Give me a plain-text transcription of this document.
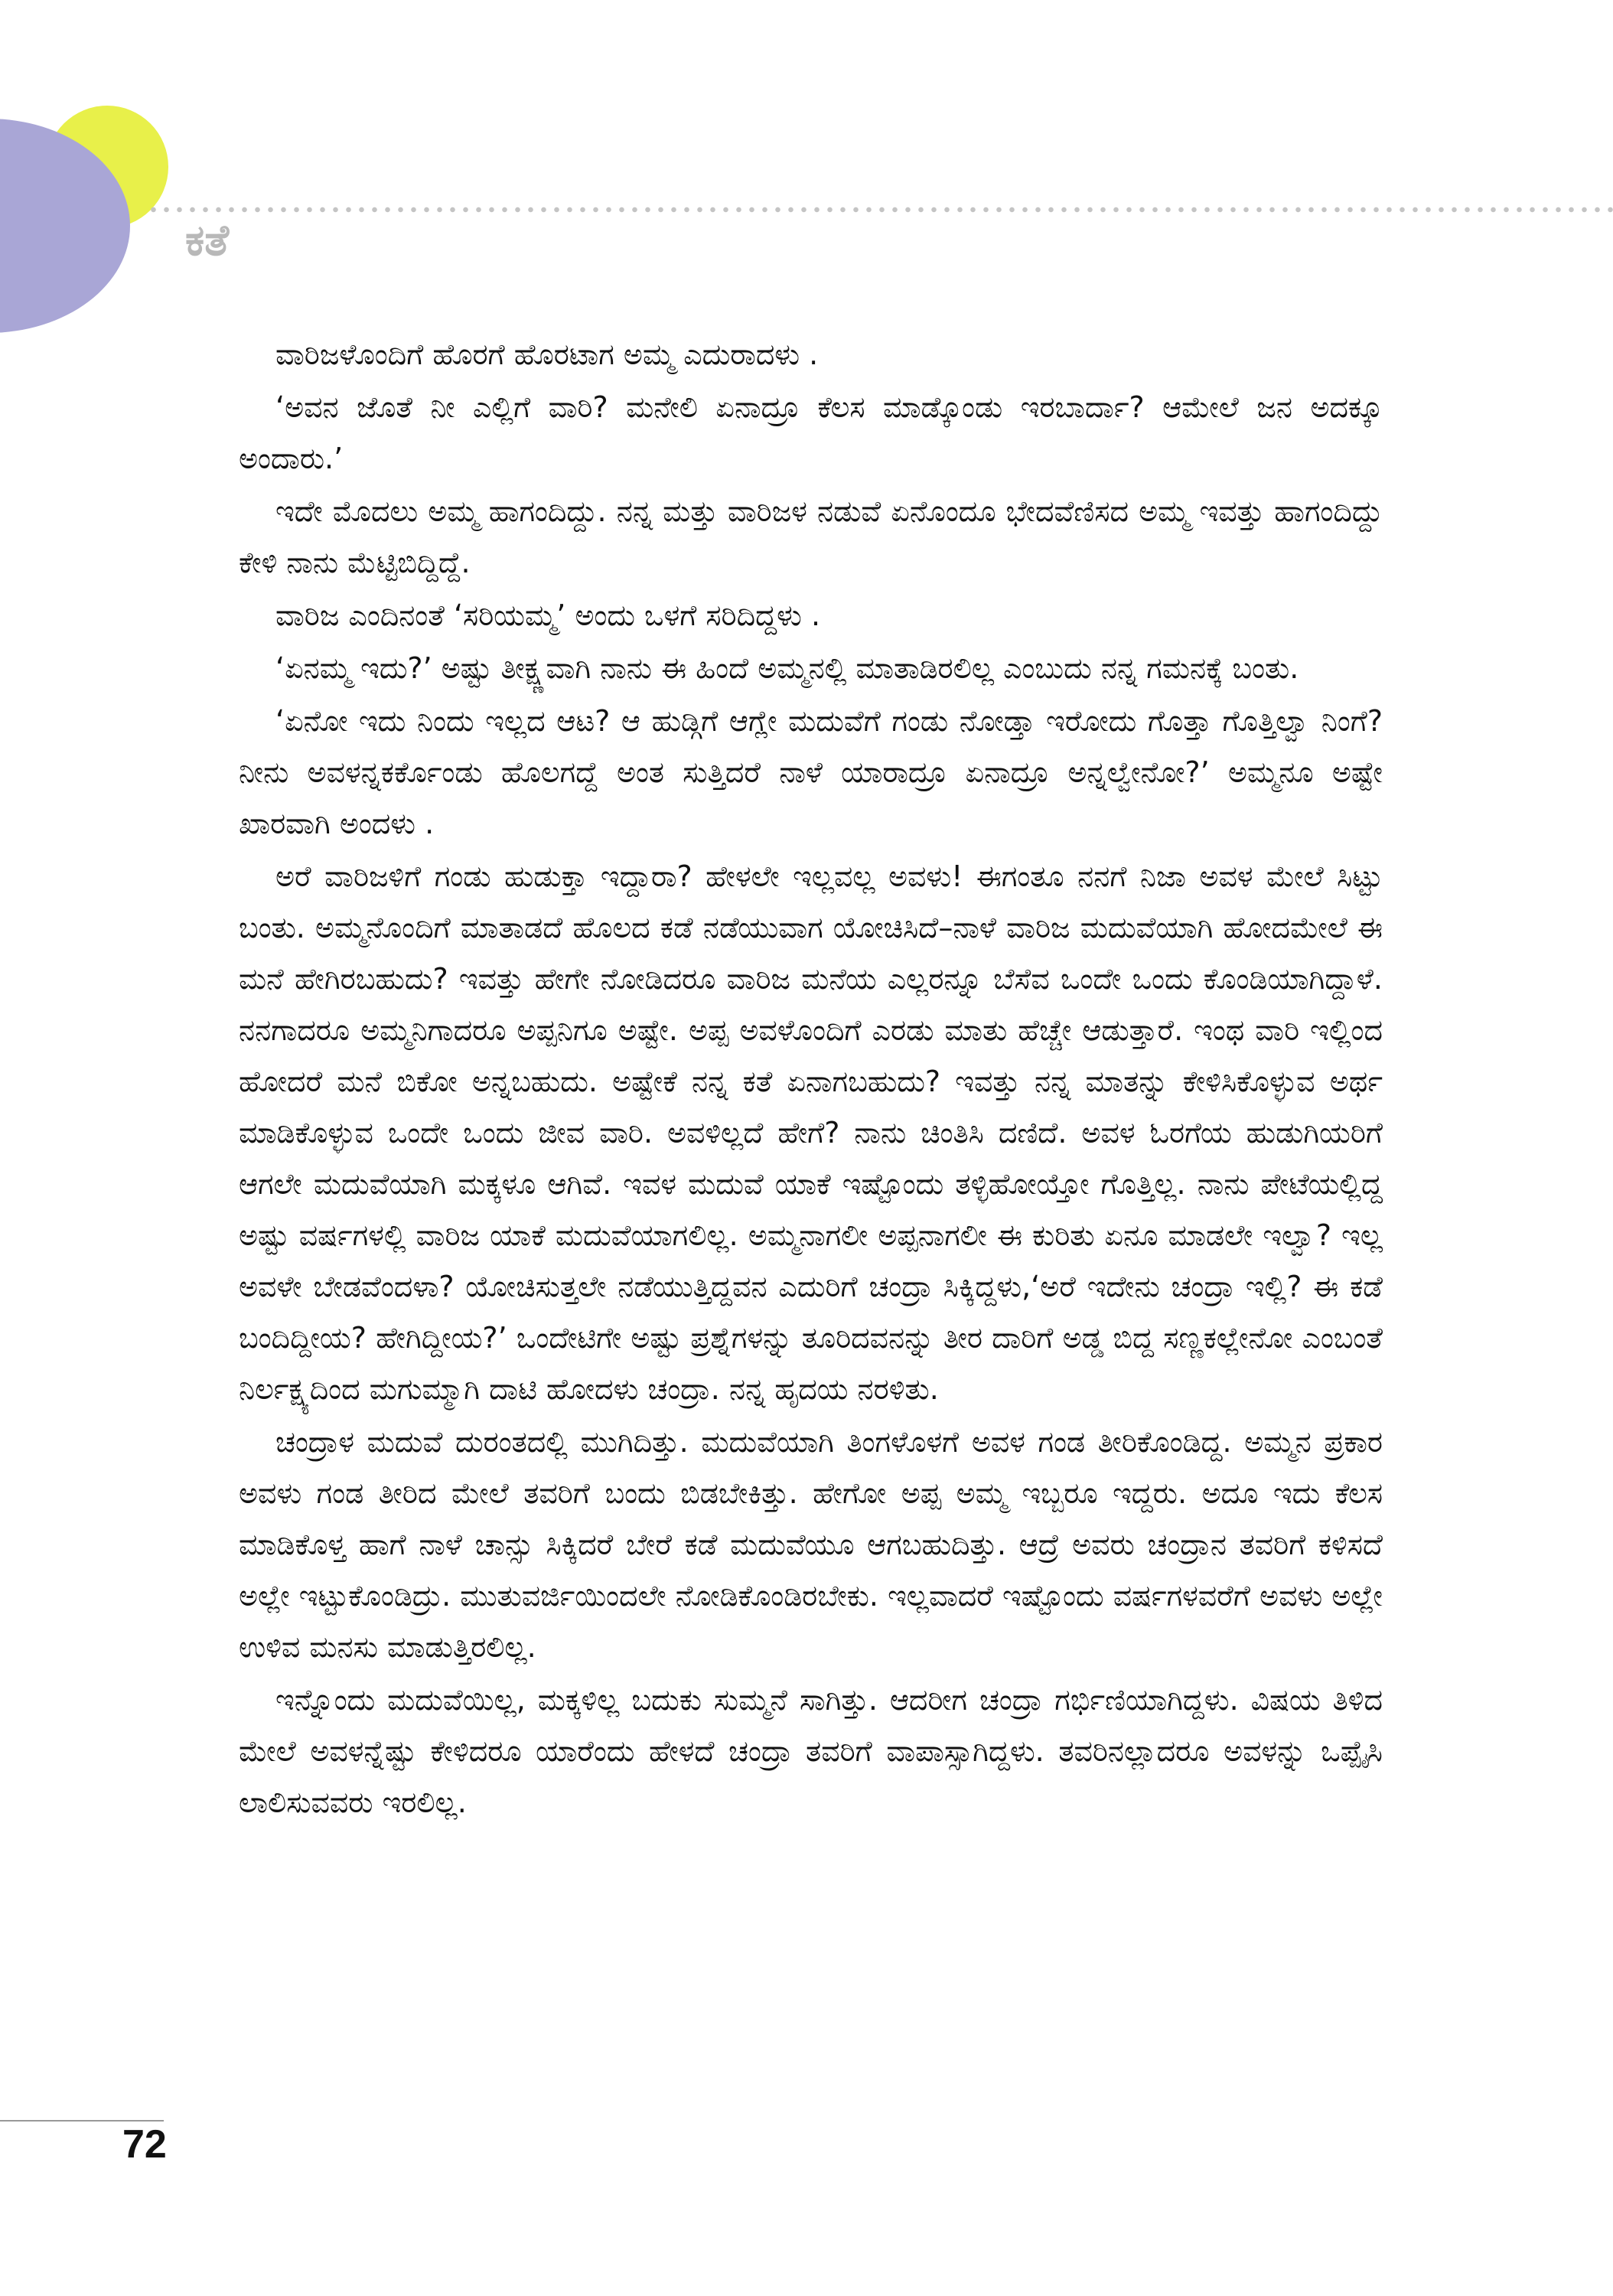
ಕತೆ

ವಾರಿಜಳೊಂದಿಗೆ ಹೊರಗೆ ಹೊರಟಾಗ ಅಮ್ಮ ಎದುರಾದಳು .

‘ಅವನ ಜೊತೆ ನೀ ಎಲ್ಲಿಗೆ ವಾರಿ? ಮನೇಲಿ ಏನಾದ್ರೂ ಕೆಲಸ ಮಾಡ್ಕೊಂಡು ಇರಬಾರ್ದಾ? ಆಮೇಲೆ ಜನ ಅದಕ್ಕೂ ಅಂದಾರು.’

ಇದೇ ಮೊದಲು ಅಮ್ಮ ಹಾಗಂದಿದ್ದು. ನನ್ನ ಮತ್ತು ವಾರಿಜಳ ನಡುವೆ ಏನೊಂದೂ ಭೇದವೆಣಿಸದ ಅಮ್ಮ ಇವತ್ತು ಹಾಗಂದಿದ್ದು ಕೇಳಿ ನಾನು ಮೆಟ್ಟಿಬಿದ್ದಿದ್ದೆ.

ವಾರಿಜ ಎಂದಿನಂತೆ ‘ಸರಿಯಮ್ಮ’ ಅಂದು ಒಳಗೆ ಸರಿದಿದ್ದಳು .

‘ಏನಮ್ಮ ಇದು?’ ಅಷ್ಟು ತೀಕ್ಷ್ಣವಾಗಿ ನಾನು ಈ ಹಿಂದೆ ಅಮ್ಮನಲ್ಲಿ ಮಾತಾಡಿರಲಿಲ್ಲ ಎಂಬುದು ನನ್ನ ಗಮನಕ್ಕೆ ಬಂತು.

‘ಏನೋ ಇದು ನಿಂದು ಇಲ್ಲದ ಆಟ? ಆ ಹುಡ್ಗಿಗೆ ಆಗ್ಲೇ ಮದುವೆಗೆ ಗಂಡು ನೋಡ್ತಾ ಇರೋದು ಗೊತ್ತಾ ಗೊತ್ತಿಲ್ವಾ ನಿಂಗೆ? ನೀನು ಅವಳನ್ನಕರ್ಕೊಂಡು ಹೊಲಗದ್ದೆ ಅಂತ ಸುತ್ತಿದರೆ ನಾಳೆ ಯಾರಾದ್ರೂ ಏನಾದ್ರೂ ಅನ್ನಲ್ವೇನೋ?’ ಅಮ್ಮನೂ ಅಷ್ಟೇ ಖಾರವಾಗಿ ಅಂದಳು .

ಅರೆ ವಾರಿಜಳಿಗೆ ಗಂಡು ಹುಡುಕ್ತಾ ಇದ್ದಾರಾ? ಹೇಳಲೇ ಇಲ್ಲವಲ್ಲ ಅವಳು! ಈಗಂತೂ ನನಗೆ ನಿಜಾ ಅವಳ ಮೇಲೆ ಸಿಟ್ಟು ಬಂತು. ಅಮ್ಮನೊಂದಿಗೆ ಮಾತಾಡದೆ ಹೊಲದ ಕಡೆ ನಡೆಯುವಾಗ ಯೋಚಿಸಿದೆ–ನಾಳೆ ವಾರಿಜ ಮದುವೆಯಾಗಿ ಹೋದಮೇಲೆ ಈ ಮನೆ ಹೇಗಿರಬಹುದು? ಇವತ್ತು ಹೇಗೇ ನೋಡಿದರೂ ವಾರಿಜ ಮನೆಯ ಎಲ್ಲರನ್ನೂ ಬೆಸೆವ ಒಂದೇ ಒಂದು ಕೊಂಡಿಯಾಗಿದ್ದಾಳೆ. ನನಗಾದರೂ ಅಮ್ಮನಿಗಾದರೂ ಅಪ್ಪನಿಗೂ ಅಷ್ಟೇ. ಅಪ್ಪ ಅವಳೊಂದಿಗೆ ಎರಡು ಮಾತು ಹೆಚ್ಚೇ ಆಡುತ್ತಾರೆ. ಇಂಥ ವಾರಿ ಇಲ್ಲಿಂದ ಹೋದರೆ ಮನೆ ಬಿಕೋ ಅನ್ನಬಹುದು. ಅಷ್ಟೇಕೆ ನನ್ನ ಕತೆ ಏನಾಗಬಹುದು? ಇವತ್ತು ನನ್ನ ಮಾತನ್ನು ಕೇಳಿಸಿಕೊಳ್ಳುವ ಅರ್ಥ ಮಾಡಿಕೊಳ್ಳುವ ಒಂದೇ ಒಂದು ಜೀವ ವಾರಿ. ಅವಳಿಲ್ಲದೆ ಹೇಗೆ? ನಾನು ಚಿಂತಿಸಿ ದಣಿದೆ. ಅವಳ ಓರಗೆಯ ಹುಡುಗಿಯರಿಗೆ ಆಗಲೇ ಮದುವೆಯಾಗಿ ಮಕ್ಕಳೂ ಆಗಿವೆ. ಇವಳ ಮದುವೆ ಯಾಕೆ ಇಷ್ಟೊಂದು ತಳ್ಳಿಹೋಯ್ತೋ ಗೊತ್ತಿಲ್ಲ. ನಾನು ಪೇಟೆಯಲ್ಲಿದ್ದ ಅಷ್ಟು ವರ್ಷಗಳಲ್ಲಿ ವಾರಿಜ ಯಾಕೆ ಮದುವೆಯಾಗಲಿಲ್ಲ. ಅಮ್ಮನಾಗಲೀ ಅಪ್ಪನಾಗಲೀ ಈ ಕುರಿತು ಏನೂ ಮಾಡಲೇ ಇಲ್ವಾ? ಇಲ್ಲ ಅವಳೇ ಬೇಡವೆಂದಳಾ? ಯೋಚಿಸುತ್ತಲೇ ನಡೆಯುತ್ತಿದ್ದವನ ಎದುರಿಗೆ ಚಂದ್ರಾ ಸಿಕ್ಕಿದ್ದಳು,‘ಅರೆ ಇದೇನು ಚಂದ್ರಾ ಇಲ್ಲಿ? ಈ ಕಡೆ ಬಂದಿದ್ದೀಯ? ಹೇಗಿದ್ದೀಯ?’ ಒಂದೇಟಿಗೇ ಅಷ್ಟು ಪ್ರಶ್ನೆಗಳನ್ನು ತೂರಿದವನನ್ನು ತೀರ ದಾರಿಗೆ ಅಡ್ಡ ಬಿದ್ದ ಸಣ್ಣಕಲ್ಲೇನೋ ಎಂಬಂತೆ ನಿರ್ಲಕ್ಷ್ಯದಿಂದ ಮಗುಮ್ಮಾಗಿ ದಾಟಿ ಹೋದಳು ಚಂದ್ರಾ. ನನ್ನ ಹೃದಯ ನರಳಿತು.

ಚಂದ್ರಾಳ ಮದುವೆ ದುರಂತದಲ್ಲಿ ಮುಗಿದಿತ್ತು. ಮದುವೆಯಾಗಿ ತಿಂಗಳೊಳಗೆ ಅವಳ ಗಂಡ ತೀರಿಕೊಂಡಿದ್ದ. ಅಮ್ಮನ ಪ್ರಕಾರ ಅವಳು ಗಂಡ ತೀರಿದ ಮೇಲೆ ತವರಿಗೆ ಬಂದು ಬಿಡಬೇಕಿತ್ತು. ಹೇಗೋ ಅಪ್ಪ ಅಮ್ಮ ಇಬ್ಬರೂ ಇದ್ದರು. ಅದೂ ಇದು ಕೆಲಸ ಮಾಡಿಕೊಳ್ತ ಹಾಗೆ ನಾಳೆ ಚಾನ್ಸು ಸಿಕ್ಕಿದರೆ ಬೇರೆ ಕಡೆ ಮದುವೆಯೂ ಆಗಬಹುದಿತ್ತು. ಆದ್ರೆ ಅವರು ಚಂದ್ರಾನ ತವರಿಗೆ ಕಳಿಸದೆ ಅಲ್ಲೇ ಇಟ್ಟುಕೊಂಡಿದ್ರು. ಮುತುವರ್ಜಿಯಿಂದಲೇ ನೋಡಿಕೊಂಡಿರಬೇಕು. ಇಲ್ಲವಾದರೆ ಇಷ್ಟೊಂದು ವರ್ಷಗಳವರೆಗೆ ಅವಳು ಅಲ್ಲೇ ಉಳಿವ ಮನಸು ಮಾಡುತ್ತಿರಲಿಲ್ಲ.

ಇನ್ನೊಂದು ಮದುವೆಯಿಲ್ಲ, ಮಕ್ಕಳಿಲ್ಲ ಬದುಕು ಸುಮ್ಮನೆ ಸಾಗಿತ್ತು. ಆದರೀಗ ಚಂದ್ರಾ ಗರ್ಭಿಣಿಯಾಗಿದ್ದಳು. ವಿಷಯ ತಿಳಿದ ಮೇಲೆ ಅವಳನ್ನೆಷ್ಟು ಕೇಳಿದರೂ ಯಾರೆಂದು ಹೇಳದೆ ಚಂದ್ರಾ ತವರಿಗೆ ವಾಪಾಸ್ಸಾಗಿದ್ದಳು. ತವರಿನಲ್ಲಾದರೂ ಅವಳನ್ನು ಒಪ್ಪೈಸಿ ಲಾಲಿಸುವವರು ಇರಲಿಲ್ಲ.

72
